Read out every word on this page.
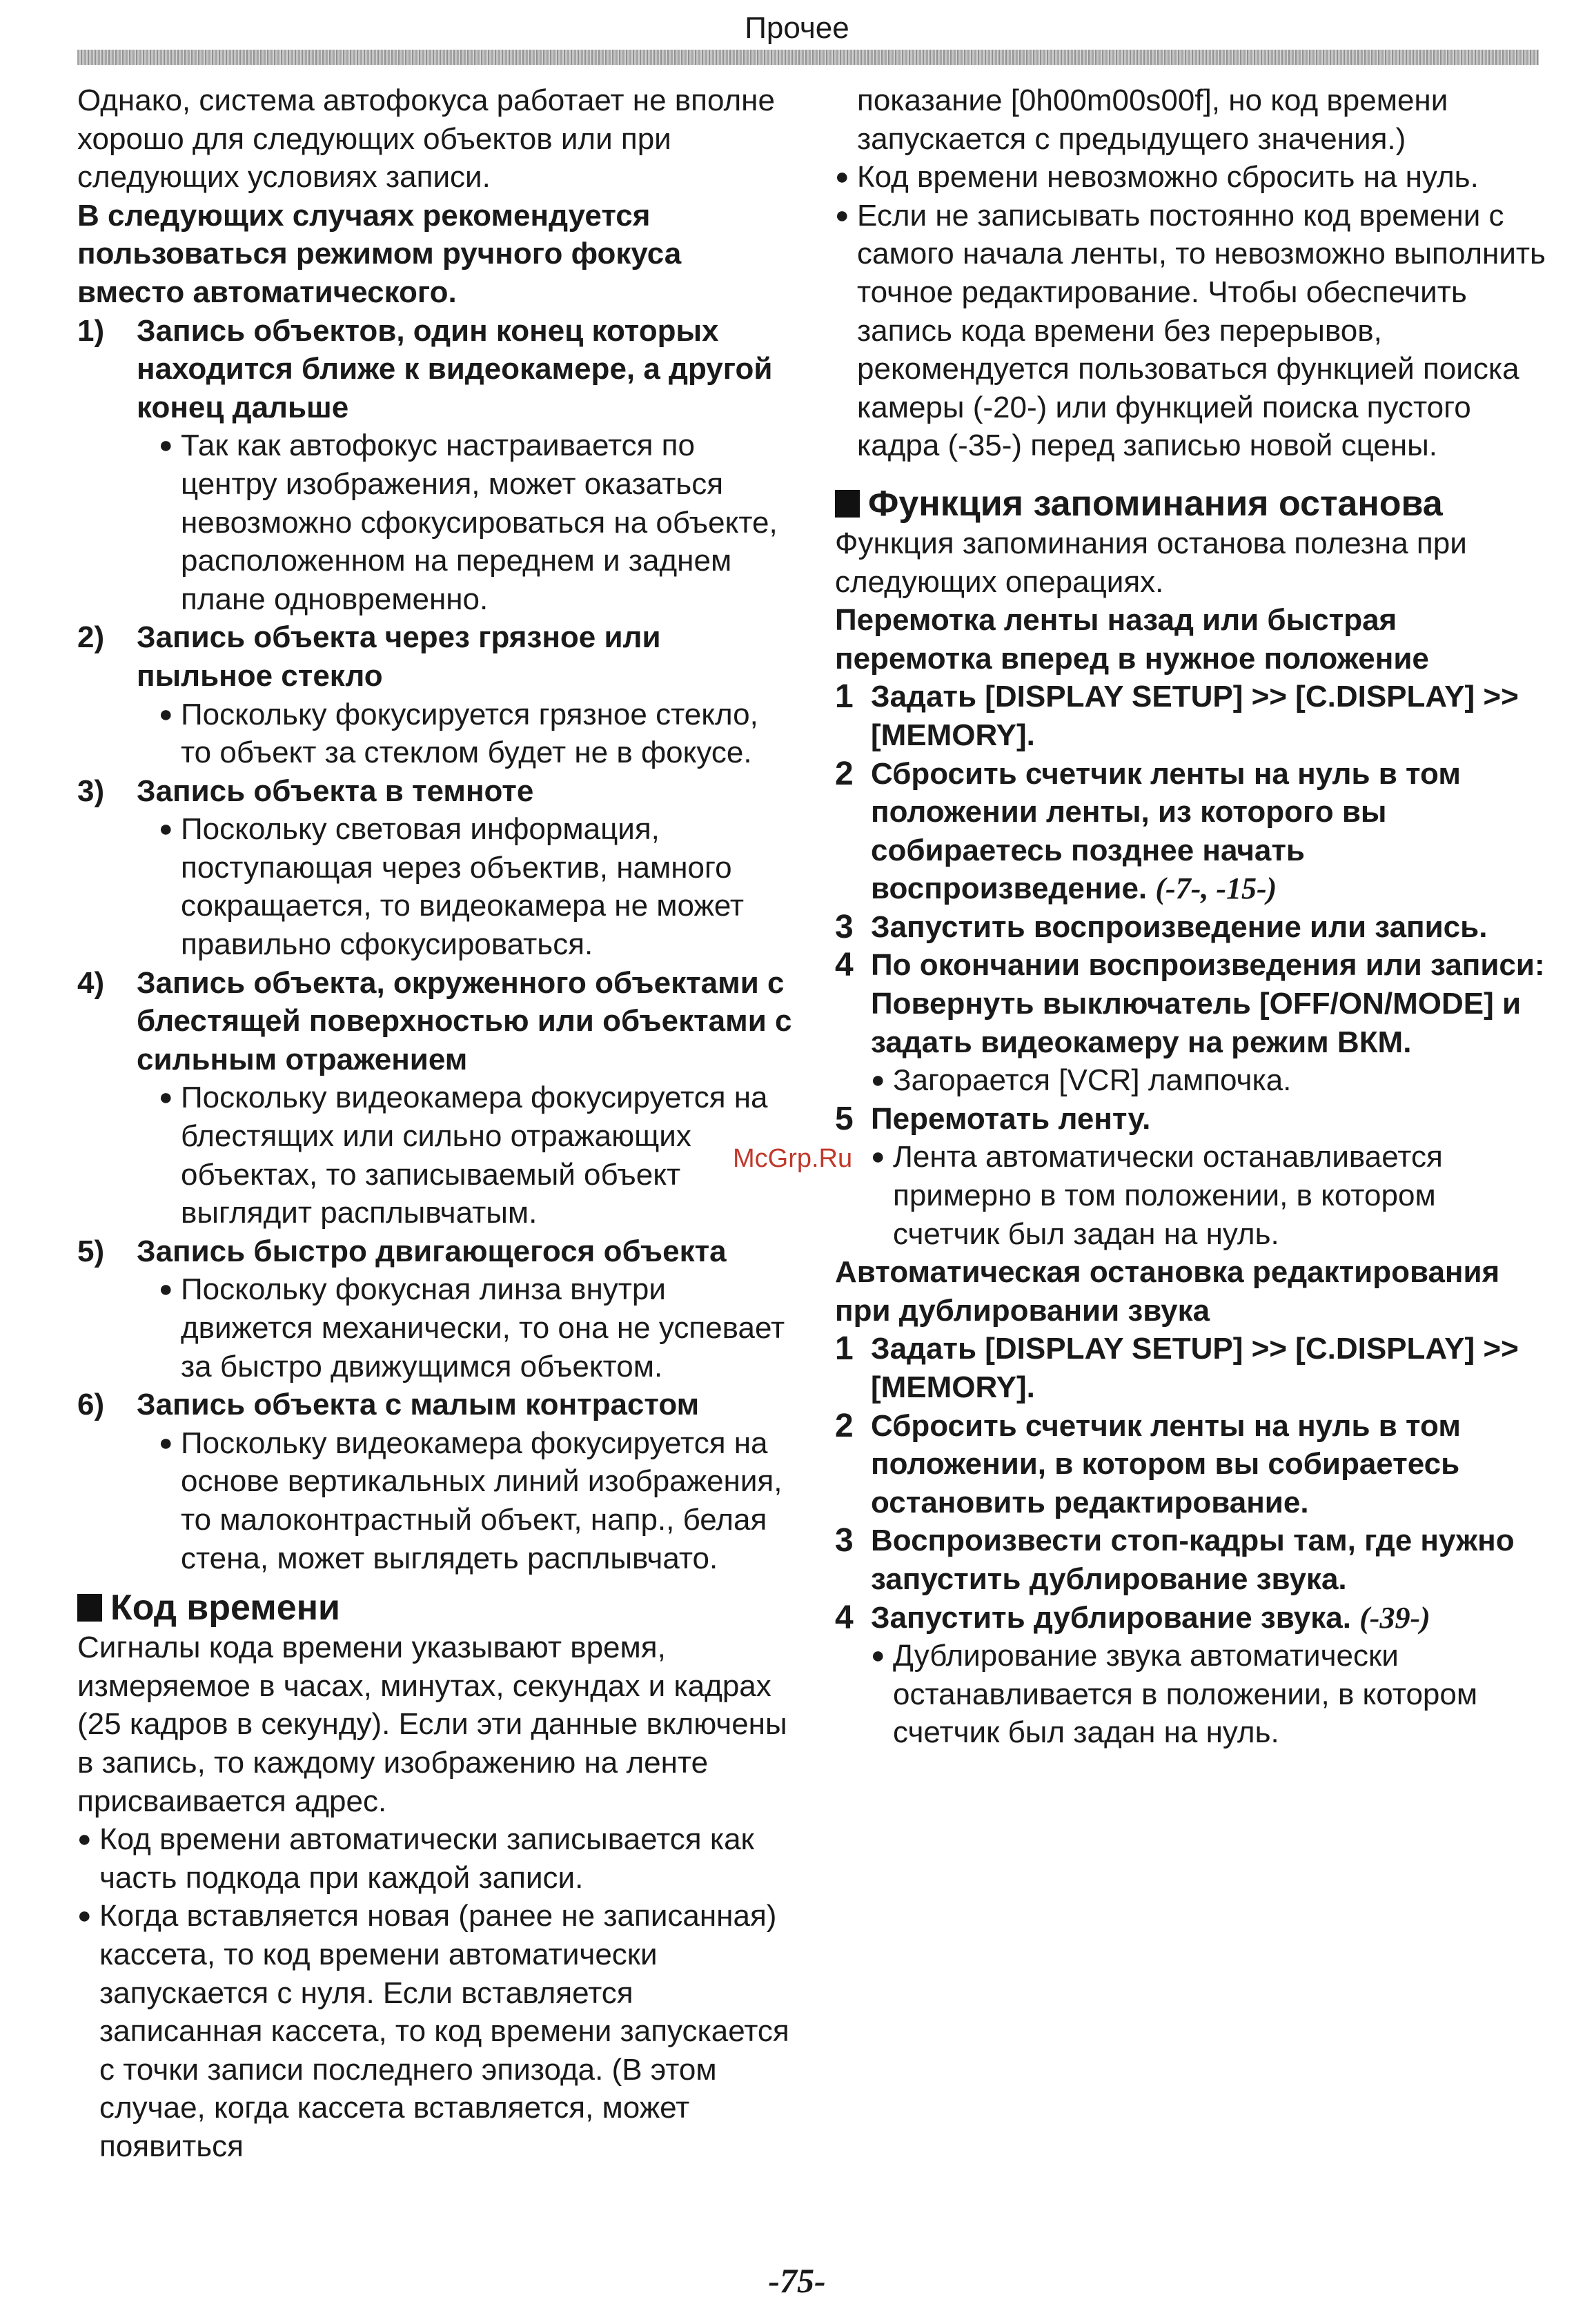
Прочее

Однако, система автофокуса работает не вполне хорошо для следующих объектов или при следующих условиях записи.

В следующих случаях рекомендуется пользоваться режимом ручного фокуса вместо автоматического.

1)	Запись объектов, один конец которых находится ближе к видеокамере, а другой конец дальше

● Так как автофокус настраивается по центру изображения, может оказаться невозможно сфокусироваться на объекте, расположенном на переднем и заднем плане одновременно.
2)	Запись объекта через грязное или пыльное стекло

● Поскольку фокусируется грязное стекло, то объект за стеклом будет не в фокусе.
3)	Запись объекта в темноте

● Поскольку световая информация, поступающая через объектив, намного сокращается, то видеокамера не может правильно сфокусироваться.
4)	Запись объекта, окруженного объектами с блестящей поверхностью или объектами с сильным отражением

● Поскольку видеокамера фокусируется на блестящих или сильно отражающих объектах, то записываемый объект выглядит расплывчатым.
5)	Запись быстро двигающегося объекта

● Поскольку фокусная линза внутри движется механически, то она не успевает за быстро движущимся объектом.
6)	Запись объекта с малым контрастом

● Поскольку видеокамера фокусируется на основе вертикальных линий изображения, то малоконтрастный объект, напр., белая стена, может выглядеть расплывчато.
Код времени

Сигналы кода времени указывают время, измеряемое в часах, минутах, секундах и кадрах (25 кадров в секунду). Если эти данные включены в запись, то каждому изображению на ленте присваивается адрес.

● Код времени автоматически записывается как часть подкода при каждой записи.
● Когда вставляется новая (ранее не записанная) кассета, то код времени автоматически запускается с нуля. Если вставляется записанная кассета, то код времени запускается с точки записи последнего эпизода. (В этом случае, когда кассета вставляется, может появиться

показание [0h00m00s00f], но код времени запускается с предыдущего значения.)

● Код времени невозможно сбросить на нуль.
● Если не записывать постоянно код времени с самого начала ленты, то невозможно выполнить точное редактирование. Чтобы обеспечить запись кода времени без перерывов, рекомендуется пользоваться функцией поиска камеры (-20-) или функцией поиска пустого кадра (-35-) перед записью новой сцены.
Функция запоминания останова

Функция запоминания останова полезна при следующих операциях.

Перемотка ленты назад или быстрая перемотка вперед в нужное положение

1 Задать [DISPLAY SETUP] >> [C.DISPLAY] >> [MEMORY].

2 Сбросить счетчик ленты на нуль в том положении ленты, из которого вы собираетесь позднее начать воспроизведение. (-7-, -15-)

3 Запустить воспроизведение или запись.

4 По окончании воспроизведения или записи:

Повернуть выключатель [OFF/ON/MODE] и задать видеокамеру на режим ВКМ.

● Загорается [VCR] лампочка.
5 Перемотать ленту.

● Лента автоматически останавливается примерно в том положении, в котором счетчик был задан на нуль.

Автоматическая остановка редактирования при дублировании звука

1 Задать [DISPLAY SETUP] >> [C.DISPLAY] >> [MEMORY].

2 Сбросить счетчик ленты на нуль в том положении, в котором вы собираетесь остановить редактирование.

3 Воспроизвести стоп-кадры там, где нужно запустить дублирование звука.

4 Запустить дублирование звука. (-39-)

● Дублирование звука автоматически останавливается в положении, в котором счетчик был задан на нуль.
McGrp.Ru
-75-
